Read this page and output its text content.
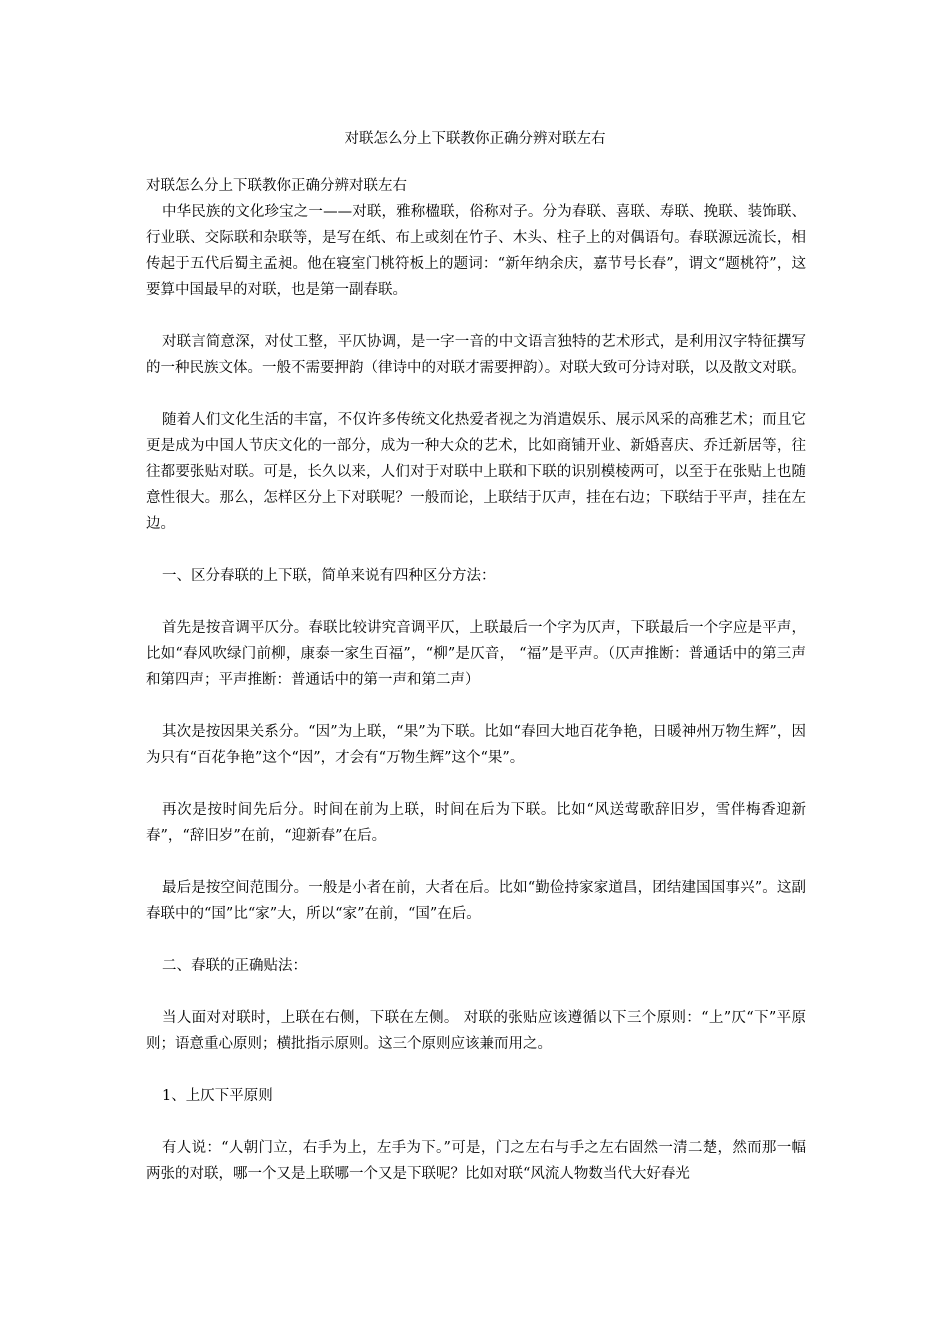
对联怎么分上下联教你正确分辨对联左右

对联怎么分上下联教你正确分辨对联左右

中华民族的文化珍宝之一——对联，雅称楹联，俗称对子。分为春联、喜联、寿联、挽联、装饰联、行业联、交际联和杂联等，是写在纸、布上或刻在竹子、木头、柱子上的对偶语句。春联源远流长，相传起于五代后蜀主孟昶。他在寝室门桃符板上的题词：“新年纳余庆，嘉节号长春”，谓文“题桃符”，这要算中国最早的对联，也是第一副春联。

对联言简意深，对仗工整，平仄协调，是一字一音的中文语言独特的艺术形式，是利用汉字特征撰写的一种民族文体。一般不需要押韵（律诗中的对联才需要押韵）。对联大致可分诗对联，以及散文对联。

随着人们文化生活的丰富，不仅许多传统文化热爱者视之为消遣娱乐、展示风采的高雅艺术；而且它更是成为中国人节庆文化的一部分，成为一种大众的艺术，比如商铺开业、新婚喜庆、乔迁新居等，往往都要张贴对联。可是，长久以来，人们对于对联中上联和下联的识别模棱两可，以至于在张贴上也随意性很大。那么，怎样区分上下对联呢？一般而论，上联结于仄声，挂在右边；下联结于平声，挂在左边。

一、区分春联的上下联，简单来说有四种区分方法：

首先是按音调平仄分。春联比较讲究音调平仄，上联最后一个字为仄声，下联最后一个字应是平声，比如“春风吹绿门前柳，康泰一家生百福”，“柳”是仄音， “福”是平声。（仄声推断：普通话中的第三声和第四声；平声推断：普通话中的第一声和第二声）

其次是按因果关系分。“因”为上联，“果”为下联。比如“春回大地百花争艳，日暖神州万物生辉”，因为只有“百花争艳”这个“因”，才会有“万物生辉”这个“果”。

再次是按时间先后分。时间在前为上联，时间在后为下联。比如“风送莺歌辞旧岁，雪伴梅香迎新春”，“辞旧岁”在前，“迎新春”在后。

最后是按空间范围分。一般是小者在前，大者在后。比如“勤俭持家家道昌，团结建国国事兴”。这副春联中的“国”比“家”大，所以“家”在前，“国”在后。

二、春联的正确贴法：

当人面对对联时，上联在右侧，下联在左侧。 对联的张贴应该遵循以下三个原则：“上”仄“下”平原则；语意重心原则；横批指示原则。这三个原则应该兼而用之。

1、上仄下平原则

有人说：“人朝门立，右手为上，左手为下。”可是，门之左右与手之左右固然一清二楚，然而那一幅两张的对联，哪一个又是上联哪一个又是下联呢？比如对联“风流人物数当代大好春光
